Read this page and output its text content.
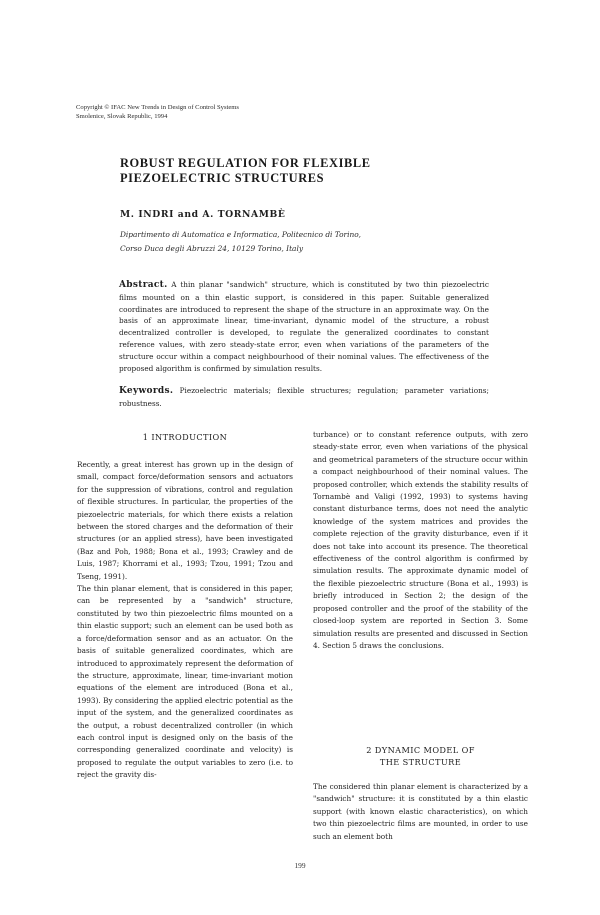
Copyright © IFAC New Trends in Design of Control Systems
Smolenice, Slovak Republic, 1994
ROBUST REGULATION FOR FLEXIBLE
PIEZOELECTRIC STRUCTURES
M. INDRI and A. TORNAMBÈ
Dipartimento di Automatica e Informatica, Politecnico di Torino,
Corso Duca degli Abruzzi 24, 10129 Torino, Italy
Abstract. A thin planar "sandwich" structure, which is constituted by two thin piezoelectric films mounted on a thin elastic support, is considered in this paper. Suitable generalized coordinates are introduced to represent the shape of the structure in an approximate way. On the basis of an approximate linear, time-invariant, dynamic model of the structure, a robust decentralized controller is developed, to regulate the generalized coordinates to constant reference values, with zero steady-state error, even when variations of the parameters of the structure occur within a compact neighbourhood of their nominal values. The effectiveness of the proposed algorithm is confirmed by simulation results.
Keywords. Piezoelectric materials; flexible structures; regulation; parameter variations; robustness.
1 INTRODUCTION

Recently, a great interest has grown up in the design of small, compact force/deformation sensors and actuators for the suppression of vibrations, control and regulation of flexible structures. In particular, the properties of the piezoelectric materials, for which there exists a relation between the stored charges and the deformation of their structures (or an applied stress), have been investigated (Baz and Poh, 1988; Bona et al., 1993; Crawley and de Luis, 1987; Khorrami et al., 1993; Tzou, 1991; Tzou and Tseng, 1991).

The thin planar element, that is considered in this paper, can be represented by a "sandwich" structure, constituted by two thin piezoelectric films mounted on a thin elastic support; such an element can be used both as a force/deformation sensor and as an actuator. On the basis of suitable generalized coordinates, which are introduced to approximately represent the deformation of the structure, approximate, linear, time-invariant motion equations of the element are introduced (Bona et al., 1993). By considering the applied electric potential as the input of the system, and the generalized coordinates as the output, a robust decentralized controller (in which each control input is designed only on the basis of the corresponding generalized coordinate and velocity) is proposed to regulate the output variables to zero (i.e. to reject the gravity dis-

turbance) or to constant reference outputs, with zero steady-state error, even when variations of the physical and geometrical parameters of the structure occur within a compact neighbourhood of their nominal values. The proposed controller, which extends the stability results of Tornambè and Valigi (1992, 1993) to systems having constant disturbance terms, does not need the analytic knowledge of the system matrices and provides the complete rejection of the gravity disturbance, even if it does not take into account its presence. The theoretical effectiveness of the control algorithm is confirmed by simulation results. The approximate dynamic model of the flexible piezoelectric structure (Bona et al., 1993) is briefly introduced in Section 2; the design of the proposed controller and the proof of the stability of the closed-loop system are reported in Section 3. Some simulation results are presented and discussed in Section 4. Section 5 draws the conclusions.

2 DYNAMIC MODEL OF
THE STRUCTURE

The considered thin planar element is characterized by a "sandwich" structure: it is constituted by a thin elastic support (with known elastic characteristics), on which two thin piezoelectric films are mounted, in order to use such an element both

199
